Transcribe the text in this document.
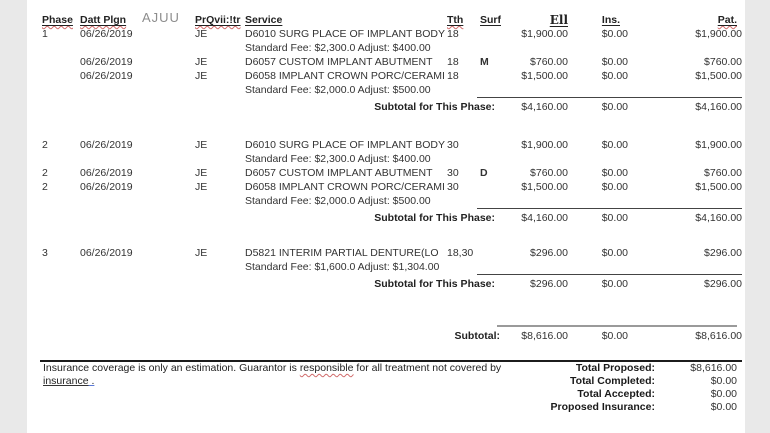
Phase Datt Plgn	PrQvii:!tr Service	Tth	Surf	Ell	Ins.	Pat.
AJUU
1	06/26/2019	JE	D6010 SURG PLACE OF IMPLANT BODY 18	$1,900.00	$0.00	$1,900.00
Standard Fee: $2,300.0 Adjust: $400.00
06/26/2019	JE	D6057 CUSTOM IMPLANT ABUTMENT	18	M	$760.00	$0.00	$760.00
06/26/2019	JE	D6058 IMPLANT CROWN PORC/CERAMI 18	$1,500.00	$0.00	$1,500.00
Standard Fee: $2,000.0 Adjust: $500.00
Subtotal for This Phase:	$4,160.00	$0.00	$4,160.00
2	06/26/2019	JE	D6010 SURG PLACE OF IMPLANT BODY 30	$1,900.00	$0.00	$1,900.00
Standard Fee: $2,300.0 Adjust: $400.00
2	06/26/2019	JE	D6057 CUSTOM IMPLANT ABUTMENT	30	D	$760.00	$0.00	$760.00
2	06/26/2019	JE	D6058 IMPLANT CROWN PORC/CERAMI 30	$1,500.00	$0.00	$1,500.00
Standard Fee: $2,000.0 Adjust: $500.00
Subtotal for This Phase:	$4,160.00	$0.00	$4,160.00
3	06/26/2019	JE	D5821 INTERIM PARTIAL DENTURE(LO 18,30	$296.00	$0.00	$296.00
Standard Fee: $1,600.0 Adjust: $1,304.00
Subtotal for This Phase:	$296.00	$0.00	$296.00
Subtotal:	$8,616.00	$0.00	$8,616.00
Insurance coverage is only an estimation. Guarantor is responsible for all treatment not covered by
insurance .
Total Proposed:	$8,616.00
Total Completed:	$0.00
Total Accepted:	$0.00
Proposed Insurance:	$0.00
